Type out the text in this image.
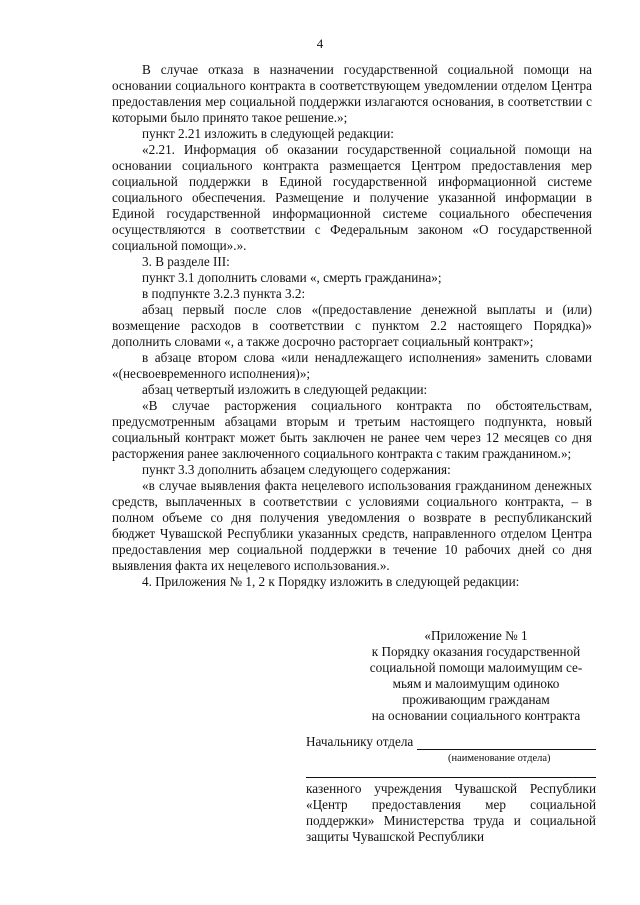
4

В случае отказа в назначении государственной социальной помощи на основании социального контракта в соответствующем уведомлении отделом Центра предоставления мер социальной поддержки излагаются основания, в соответствии с которыми было принято такое решение.»;

пункт 2.21 изложить в следующей редакции:

«2.21. Информация об оказании государственной социальной помощи на основании социального контракта размещается Центром предоставления мер социальной поддержки в Единой государственной информационной системе социального обеспечения. Размещение и получение указанной информации в Единой государственной информационной системе социального обеспечения осуществляются в соответствии с Федеральным законом «О государственной социальной помощи».».

3. В разделе III:

пункт 3.1 дополнить словами «, смерть гражданина»;

в подпункте 3.2.3 пункта 3.2:

абзац первый после слов «(предоставление денежной выплаты и (или) возмещение расходов в соответствии с пунктом 2.2 настоящего Порядка)» дополнить словами «, а также досрочно расторгает социальный контракт»;

в абзаце втором слова «или ненадлежащего исполнения» заменить словами «(несвоевременного исполнения)»;

абзац четвертый изложить в следующей редакции:

«В случае расторжения социального контракта по обстоятельствам, предусмотренным абзацами вторым и третьим настоящего подпункта, новый социальный контракт может быть заключен не ранее чем через 12 месяцев со дня расторжения ранее заключенного социального контракта с таким гражданином.»;

пункт 3.3 дополнить абзацем следующего содержания:

«в случае выявления факта нецелевого использования гражданином денежных средств, выплаченных в соответствии с условиями социального контракта, – в полном объеме со дня получения уведомления о возврате в республиканский бюджет Чувашской Республики указанных средств, направленного отделом Центра предоставления мер социальной поддержки в течение 10 рабочих дней со дня выявления факта их нецелевого использования.».

4. Приложения № 1, 2 к Порядку изложить в следующей редакции:

«Приложение № 1
к Порядку оказания государственной
социальной помощи малоимущим се-
мьям и малоимущим одиноко
проживающим гражданам
на основании социального контракта
Начальнику отдела
(наименование отдела)
казенного учреждения Чувашской Республики «Центр предоставления мер социальной поддержки» Министерства труда и социальной защиты Чувашской Республики
